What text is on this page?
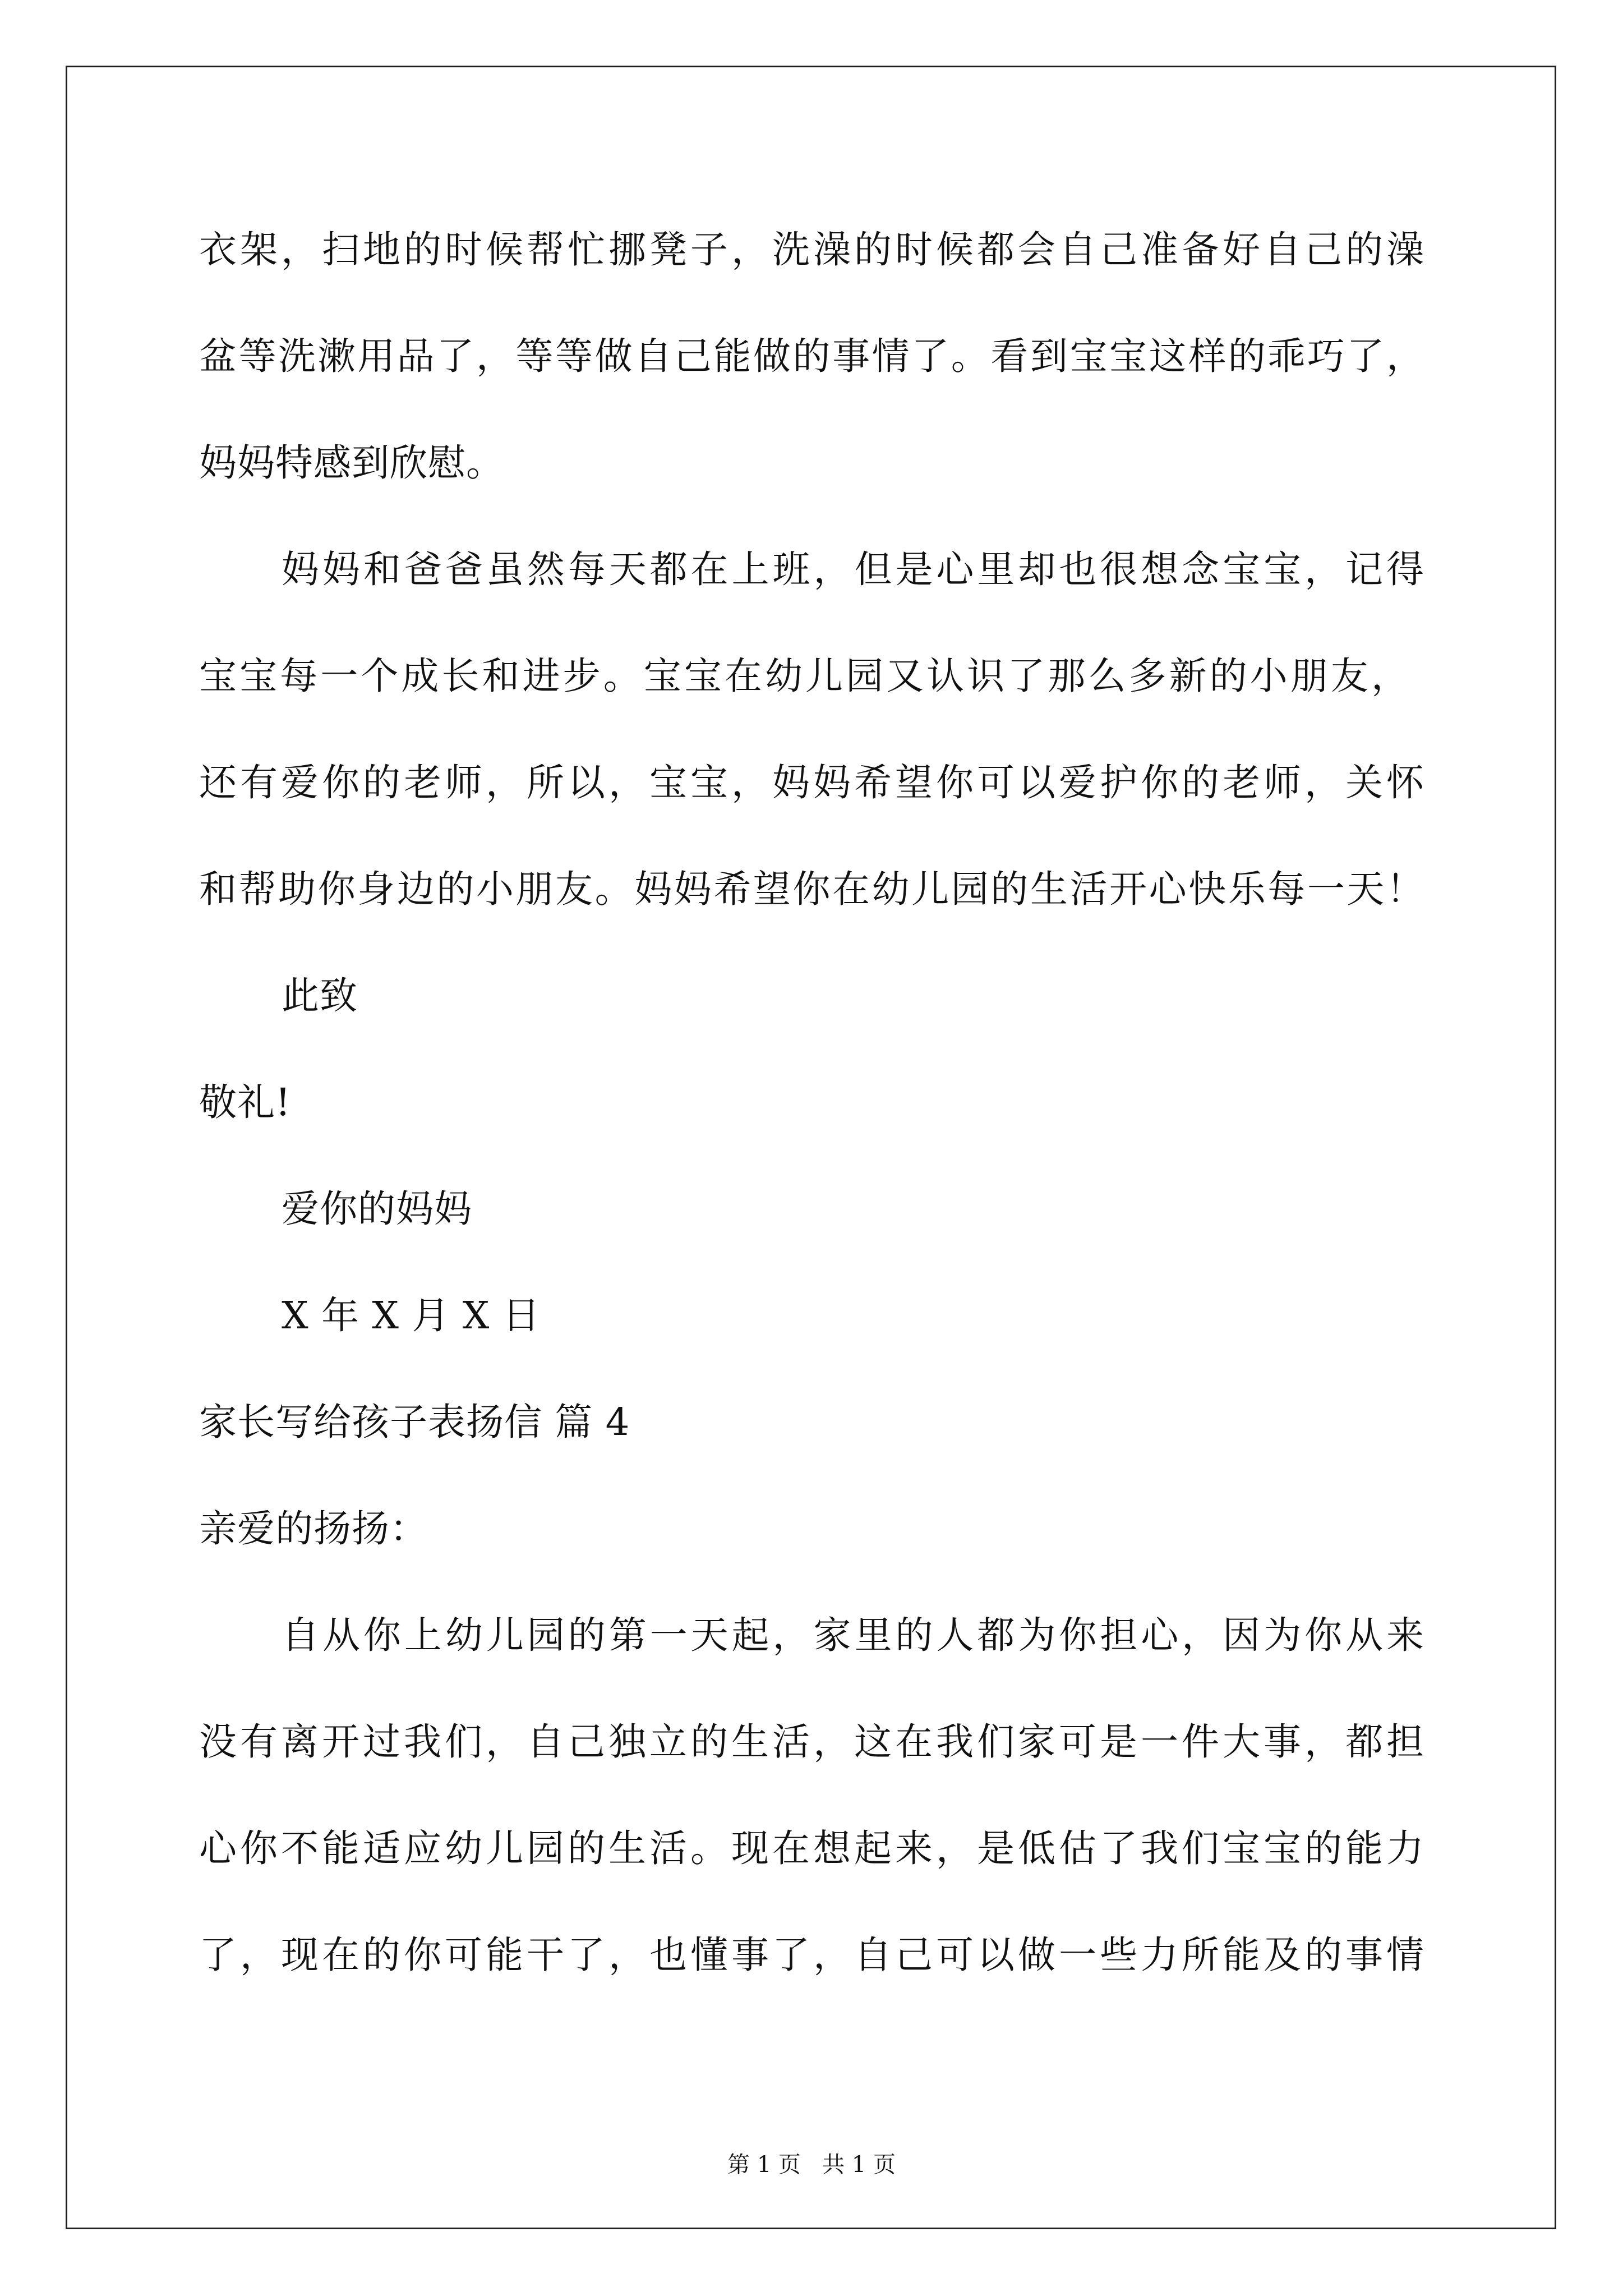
衣架，扫地的时候帮忙挪凳子，洗澡的时候都会自己准备好自己的澡
盆等洗漱用品了，等等做自己能做的事情了。看到宝宝这样的乖巧了，
妈妈特感到欣慰。
妈妈和爸爸虽然每天都在上班，但是心里却也很想念宝宝，记得
宝宝每一个成长和进步。宝宝在幼儿园又认识了那么多新的小朋友，
还有爱你的老师，所以，宝宝，妈妈希望你可以爱护你的老师，关怀
和帮助你身边的小朋友。妈妈希望你在幼儿园的生活开心快乐每一天！
此致
敬礼!
爱你的妈妈
X 年 X 月 X 日
家长写给孩子表扬信 篇 4
亲爱的扬扬：
自从你上幼儿园的第一天起，家里的人都为你担心，因为你从来
没有离开过我们，自己独立的生活，这在我们家可是一件大事，都担
心你不能适应幼儿园的生活。现在想起来，是低估了我们宝宝的能力
了，现在的你可能干了，也懂事了，自己可以做一些力所能及的事情
第 1 页   共 1 页
